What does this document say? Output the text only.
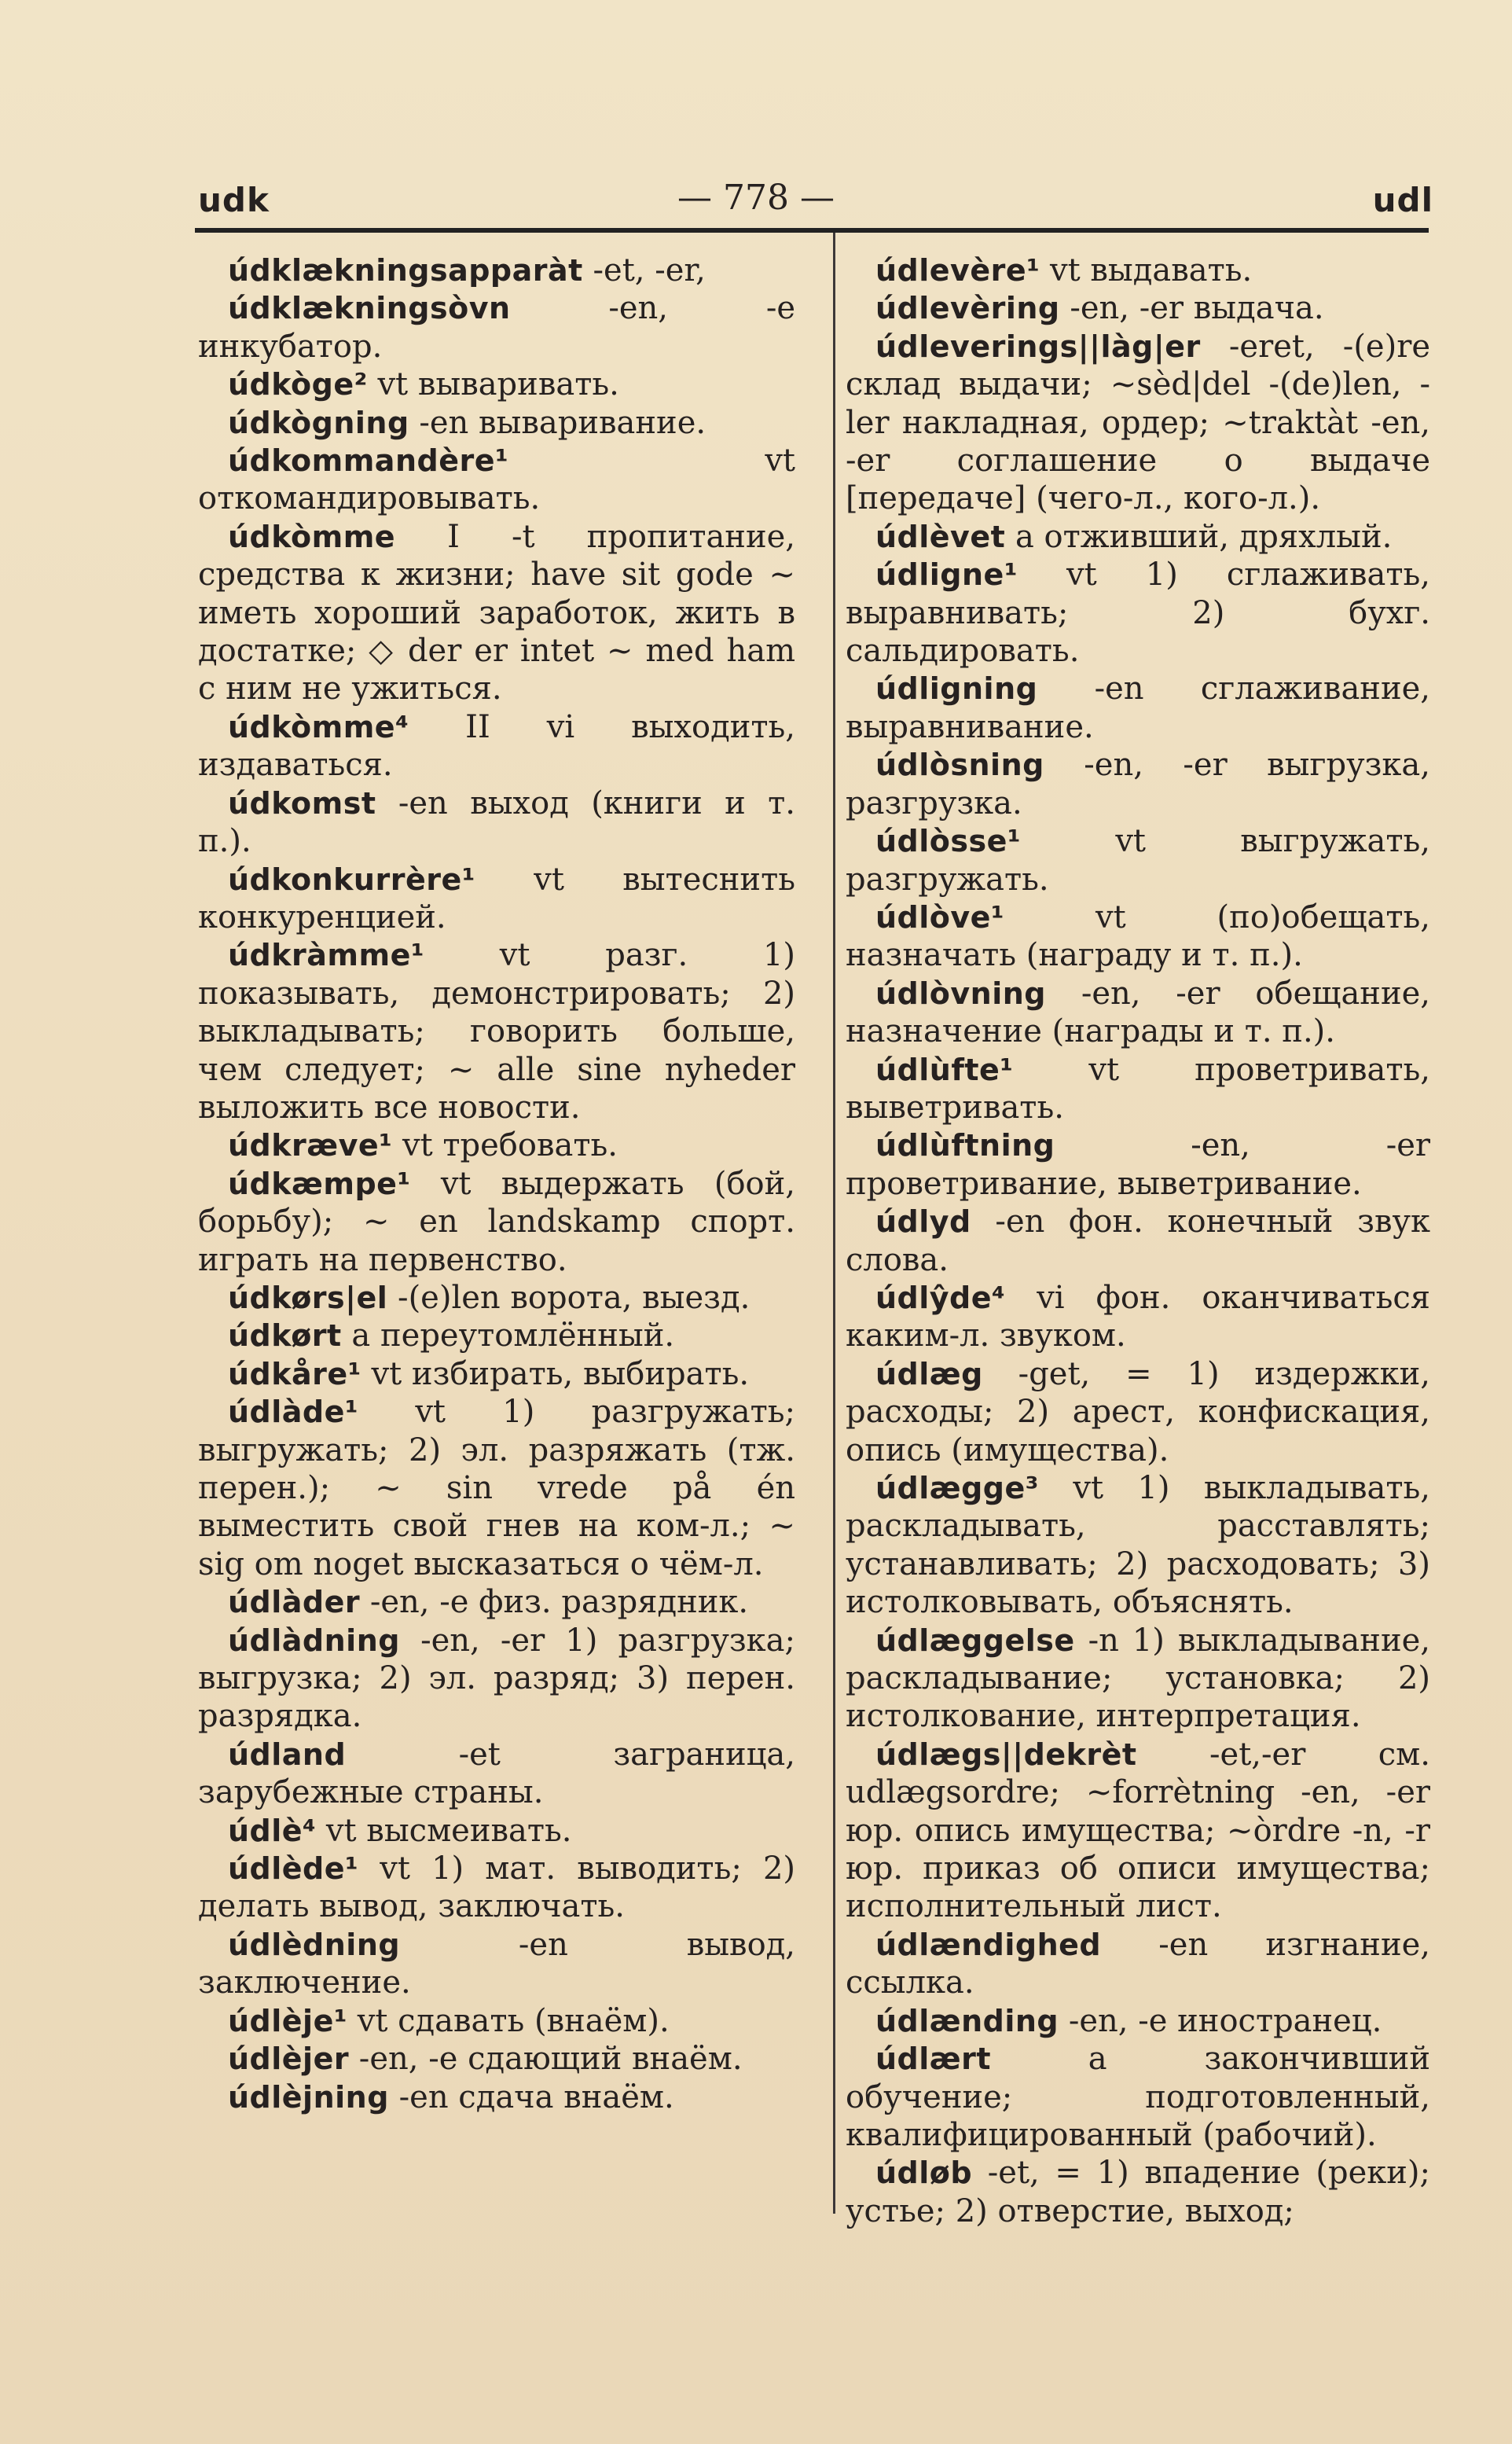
udk	— 778 —	udl

údklækningsapparàt -et, -er,

údklækningsòvn -en, -e инкубатор.

údkòge² vt вываривать.

údkògning -en вываривание.

údkommandère¹ vt откомандировывать.

údkòmme I -t пропитание, средства к жизни; have sit gode ~ иметь хороший заработок, жить в достатке; ◇ der er intet ~ med ham с ним не ужиться.

údkòmme⁴ II vi выходить, издаваться.

údkomst -en выход (книги и т. п.).

údkonkurrère¹ vt вытеснить конкуренцией.

údkràmme¹ vt разг. 1) показывать, демонстрировать; 2) выкладывать; говорить больше, чем следует; ~ alle sine nyheder выложить все новости.

údkræve¹ vt требовать.

údkæmpe¹ vt выдержать (бой, борьбу); ~ en landskamp спорт. играть на первенство.

údkørs|el -(e)len ворота, выезд.

údkørt a переутомлённый.

údkåre¹ vt избирать, выбирать.

údlàde¹ vt 1) разгружать; выгружать; 2) эл. разряжать (тж. перен.); ~ sin vrede på én выместить свой гнев на ком-л.; ~ sig om noget высказаться о чём-л.

údlàder -en, -e физ. разрядник.

údlàdning -en, -er 1) разгрузка; выгрузка; 2) эл. разряд; 3) перен. разрядка.

údland -et заграница, зарубежные страны.

údlè⁴ vt высмеивать.

údlède¹ vt 1) мат. выводить; 2) делать вывод, заключать.

údlèdning -en вывод, заключение.

údlèje¹ vt сдавать (внаём).

údlèjer -en, -e сдающий внаём.

údlèjning -en сдача внаём.

údlevère¹ vt выдавать.

údlevèring -en, -er выдача.

údleverings||làg|er -eret, -(e)re склад выдачи; ~sèd|del -(de)len, -ler накладная, ордер; ~traktàt -en, -er соглашение о выдаче [передаче] (чего-л., кого-л.).

údlèvet a отживший, дряхлый.

údligne¹ vt 1) сглаживать, выравнивать; 2) бухг. сальдировать.

údligning -en сглаживание, выравнивание.

údlòsning -en, -er выгрузка, разгрузка.

údlòsse¹ vt выгружать, разгружать.

údlòve¹ vt (по)обещать, назначать (награду и т. п.).

údlòvning -en, -er обещание, назначение (награды и т. п.).

údlùfte¹ vt проветривать, выветривать.

údlùftning -en, -er проветривание, выветривание.

údlyd -en фон. конечный звук слова.

údlŷde⁴ vi фон. оканчиваться каким-л. звуком.

údlæg -get, = 1) издержки, расходы; 2) арест, конфискация, опись (имущества).

údlægge³ vt 1) выкладывать, раскладывать, расставлять; устанавливать; 2) расходовать; 3) истолковывать, объяснять.

údlæggelse -n 1) выкладывание, раскладывание; установка; 2) истолкование, интерпретация.

údlægs||dekrèt -et,-er см. udlægsordre; ~forrètning -en, -er юр. опись имущества; ~òrdre -n, -r юр. приказ об описи имущества; исполнительный лист.

údlændighed -en изгнание, ссылка.

údlænding -en, -e иностранец.

údlært a закончивший обучение; подготовленный, квалифицированный (рабочий).

údløb -et, = 1) впадение (реки); устье; 2) отверстие, выход;
